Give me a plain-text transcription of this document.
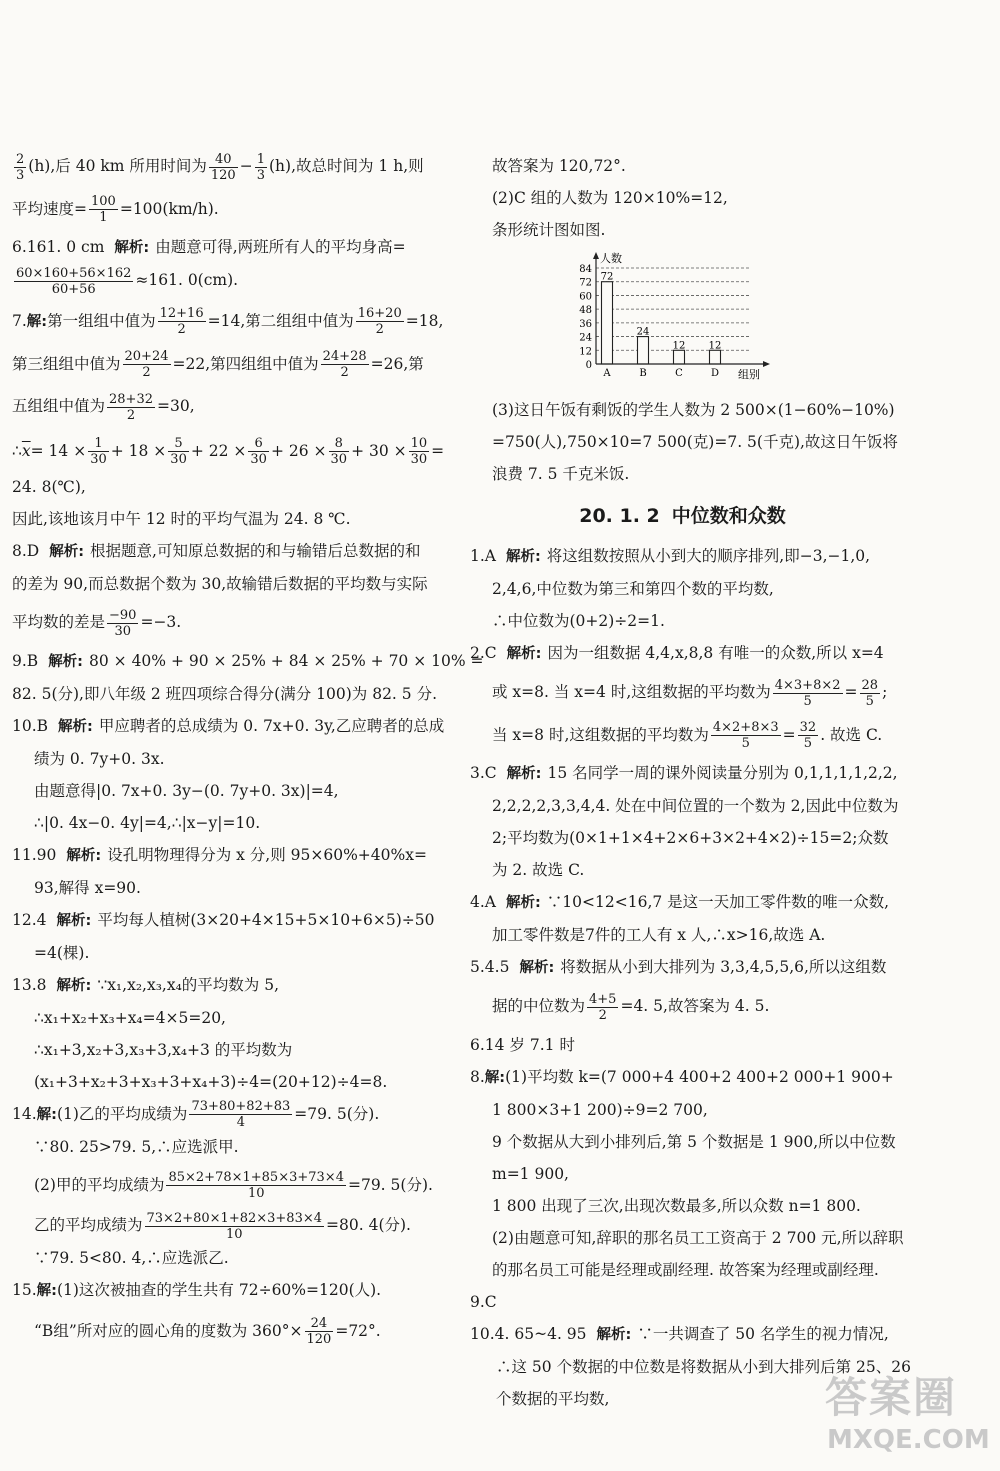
$\frac{2}{3} (h)$,后 40 km 所用时间为 $\frac{40}{120} - \frac{1}{3} (h)$,故总时间为 1 h,则

平均速度= $\frac{100}{1} =100(km/h)$.

6.161. 0 cm 解析: 由题意可得,两班所有人的平均身高=

$\frac{60\times 160+56\times 162}{60+56} \approx 161$. 0(cm).

7.解:第一组组中值为 $\frac{12+16}{2} =14$,第二组组中值为 $\frac{16+20}{2} =18$,

第三组组中值为 $\frac{20+24}{2} =22$,第四组组中值为 $\frac{24+28}{2} =26$,第

五组组中值为 $\frac{28+32}{2} =30$,

$\therefore\overline{x}= 14 \times \frac{1}{30} + 18 \times \frac{5}{30} + 22 \times \frac{6}{30} + 26 \times \frac{8}{30} + 30 \times \frac{10}{30}$ =

24. 8(℃),

因此,该地该月中午 12 时的平均气温为 24. 8 ℃.

8.D 解析: 根据题意,可知原总数据的和与输错后总数据的和

的差为 90,而总数据个数为 30,故输错后数据的平均数与实际

平均数的差是 $\frac{-90}{30} =-3$.

9.B 解析: 80 × 40% + 90 × 25% + 84 × 25% + 70 × 10% =

82. 5(分),即八年级 2 班四项综合得分(满分 100)为 82. 5 分.

10.B 解析: 甲应聘者的总成绩为 0. 7x+0. 3y,乙应聘者的总成

绩为 0. 7y+0. 3x.

由题意得|0. 7x+0. 3y−(0. 7y+0. 3x)|=4,

∴|0. 4x−0. 4y|=4,∴|x−y|=10.

11.90 解析: 设孔明物理得分为 x 分,则 95×60%+40%x=

93,解得 x=90.

12.4 解析: 平均每人植树(3×20+4×15+5×10+6×5)÷50

=4(棵).

13.8 解析: ∵x₁,x₂,x₃,x₄的平均数为 5,

∴x₁+x₂+x₃+x₄=4×5=20,

∴x₁+3,x₂+3,x₃+3,x₄+3 的平均数为

(x₁+3+x₂+3+x₃+3+x₄+3)÷4=(20+12)÷4=8.

14.解:(1)乙的平均成绩为 $\frac{73+80+82+83}{4} =79$. 5(分).

∵80. 25>79. 5,∴应选派甲.

(2)甲的平均成绩为 $\frac{85\times 2+78\times 1+85\times 3+73\times 4}{10} =79$. 5(分).

乙的平均成绩为 $\frac{73\times 2+80\times 1+82\times 3+83\times 4}{10} =80$. 4(分).

∵79. 5<80. 4,∴应选派乙.

15.解:(1)这次被抽查的学生共有 72÷60%=120(人).

“B组”所对应的圆心角的度数为 $360^\circ\times \frac{24}{120} =72^\circ$.

故答案为 120,72°.

(2)C 组的人数为 120×10%=12,

条形统计图如图.

(3)这日午饭有剩饭的学生人数为 2 500×(1−60%−10%)

=750(人),750×10=7 500(克)=7. 5(千克),故这日午饭将

浪费 7. 5 千克米饭.

20. 1. 2 中位数和众数

1.A 解析: 将这组数按照从小到大的顺序排列,即−3,−1,0,

2,4,6,中位数为第三和第四个数的平均数,

∴中位数为(0+2)÷2=1.

2.C 解析: 因为一组数据 4,4,x,8,8 有唯一的众数,所以 x=4

或 x=8. 当 x=4 时,这组数据的平均数为 $\frac{4\times 3+8\times 2}{5} = \frac{28}{5}$ ;

当 x=8 时,这组数据的平均数为 $\frac{4\times 2+8\times 3}{5} = \frac{32}{5}$ . 故选 C.

3.C 解析: 15 名同学一周的课外阅读量分别为 0,1,1,1,1,2,2,

2,2,2,2,3,3,4,4. 处在中间位置的一个数为 2,因此中位数为

2;平均数为(0×1+1×4+2×6+3×2+4×2)÷15=2;众数

为 2. 故选 C.

4.A 解析: ∵10<12<16,7 是这一天加工零件数的唯一众数,

加工零件数是7件的工人有 x 人,∴x>16,故选 A.

5.4.5 解析: 将数据从小到大排列为 3,3,4,5,5,6,所以这组数

据的中位数为 $\frac{4+5}{2} =4$. 5,故答案为 4. 5.

6.14 岁 7.1 时

8.解:(1)平均数 k=(7 000+4 400+2 400+2 000+1 900+

1 800×3+1 200)÷9=2 700,

9 个数据从大到小排列后,第 5 个数据是 1 900,所以中位数

m=1 900,

1 800 出现了三次,出现次数最多,所以众数 n=1 800.

(2)由题意可知,辞职的那名员工工资高于 2 700 元,所以辞职

的那名员工可能是经理或副经理. 故答案为经理或副经理.

9.C

10.4. 65~4. 95 解析: ∵一共调查了 50 名学生的视力情况,

∴这 50 个数据的中位数是将数据从小到大排列后第 25、26

个数据的平均数,

0
12
24
36
48
60
72
84
72
A
24
B
12
C
12
D
人数
组别
答案圈
MXQE.COM
